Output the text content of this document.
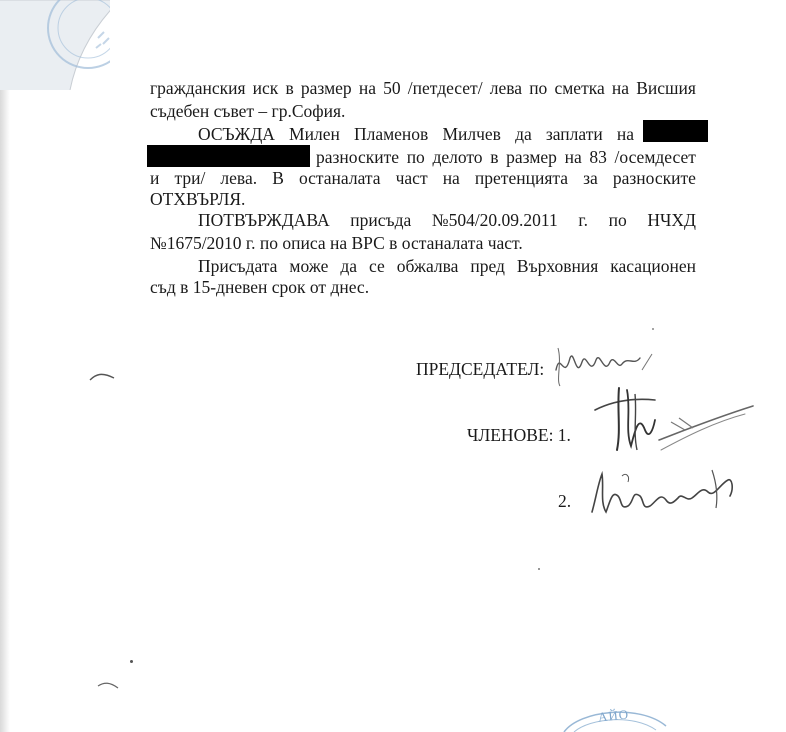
гражданския иск в размер на 50 /петдесет/ лева по сметка на Висшия
съдебен съвет – гр.София.
ОСЪЖДА Милен Пламенов Милчев да заплати на
разноските по делото в размер на 83 /осемдесет
и три/ лева. В останалата част на претенцията за разноските
ОТХВЪРЛЯ.
ПОТВЪРЖДАВА присъда №504/20.09.2011 г. по НЧХД
№1675/2010 г. по описа на ВРС в останалата част.
Присъдата може да се обжалва пред Върховния касационен
съд в 15-дневен срок от днес.
ПРЕДСЕДАТЕЛ:
ЧЛЕНОВЕ: 1.
2.
АЙО
